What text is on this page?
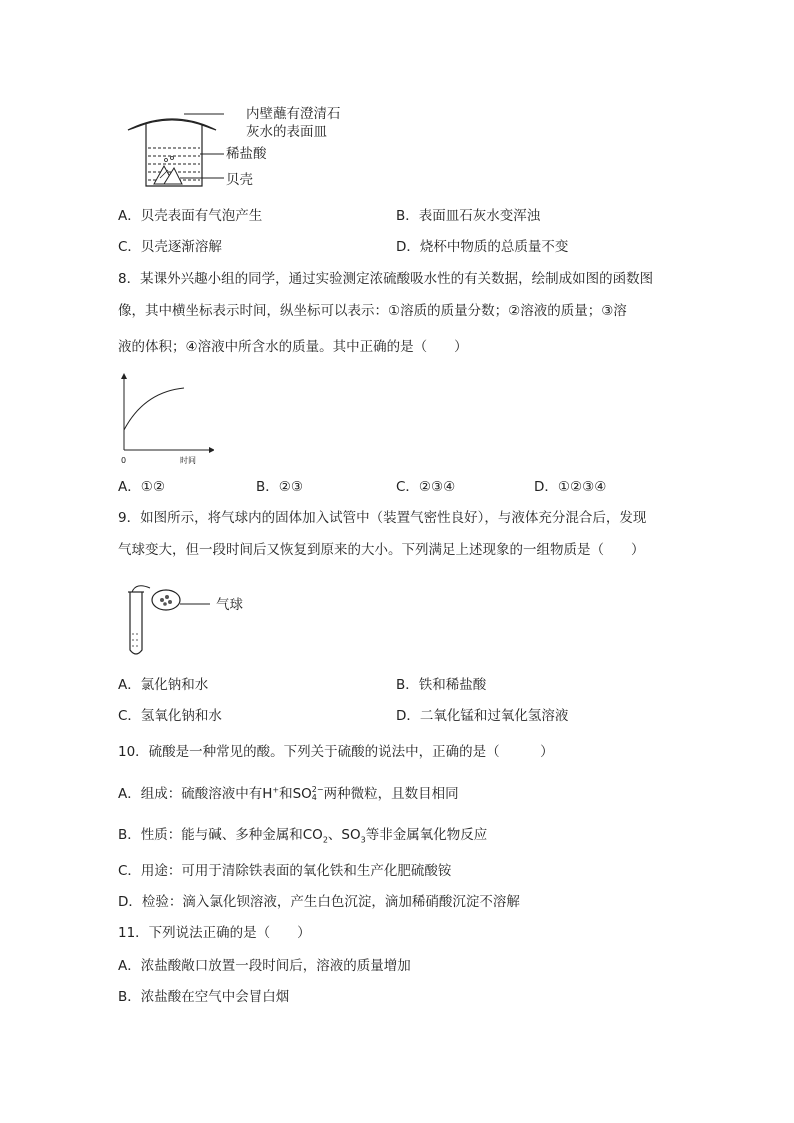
内壁蘸有澄清石
灰水的表面皿
稀盐酸
贝壳
A．贝壳表面有气泡产生	B．表面皿石灰水变浑浊
C．贝壳逐渐溶解	D．烧杯中物质的总质量不变
8．某课外兴趣小组的同学，通过实验测定浓硫酸吸水性的有关数据，绘制成如图的函数图
像，其中横坐标表示时间，纵坐标可以表示：①溶质的质量分数；②溶液的质量；③溶
液的体积；④溶液中所含水的质量。其中正确的是（　　）
0	时间
A．①②	B．②③	C．②③④	D．①②③④
9．如图所示，将气球内的固体加入试管中（装置气密性良好），与液体充分混合后，发现
气球变大，但一段时间后又恢复到原来的大小。下列满足上述现象的一组物质是（　　）
气球
A．氯化钠和水	B．铁和稀盐酸
C．氢氧化钠和水	D．二氧化锰和过氧化氢溶液
10．硫酸是一种常见的酸。下列关于硫酸的说法中，正确的是（　　　）
A．组成：硫酸溶液中有H+和SO 2−
4 两种微粒，且数目相同
B．性质：能与碱、多种金属和$CO_2$、$SO_3$等非金属氧化物反应
C．用途：可用于清除铁表面的氧化铁和生产化肥硫酸铵
D．检验：滴入氯化钡溶液，产生白色沉淀，滴加稀硝酸沉淀不溶解
11．下列说法正确的是（　　）
A．浓盐酸敞口放置一段时间后，溶液的质量增加
B．浓盐酸在空气中会冒白烟
